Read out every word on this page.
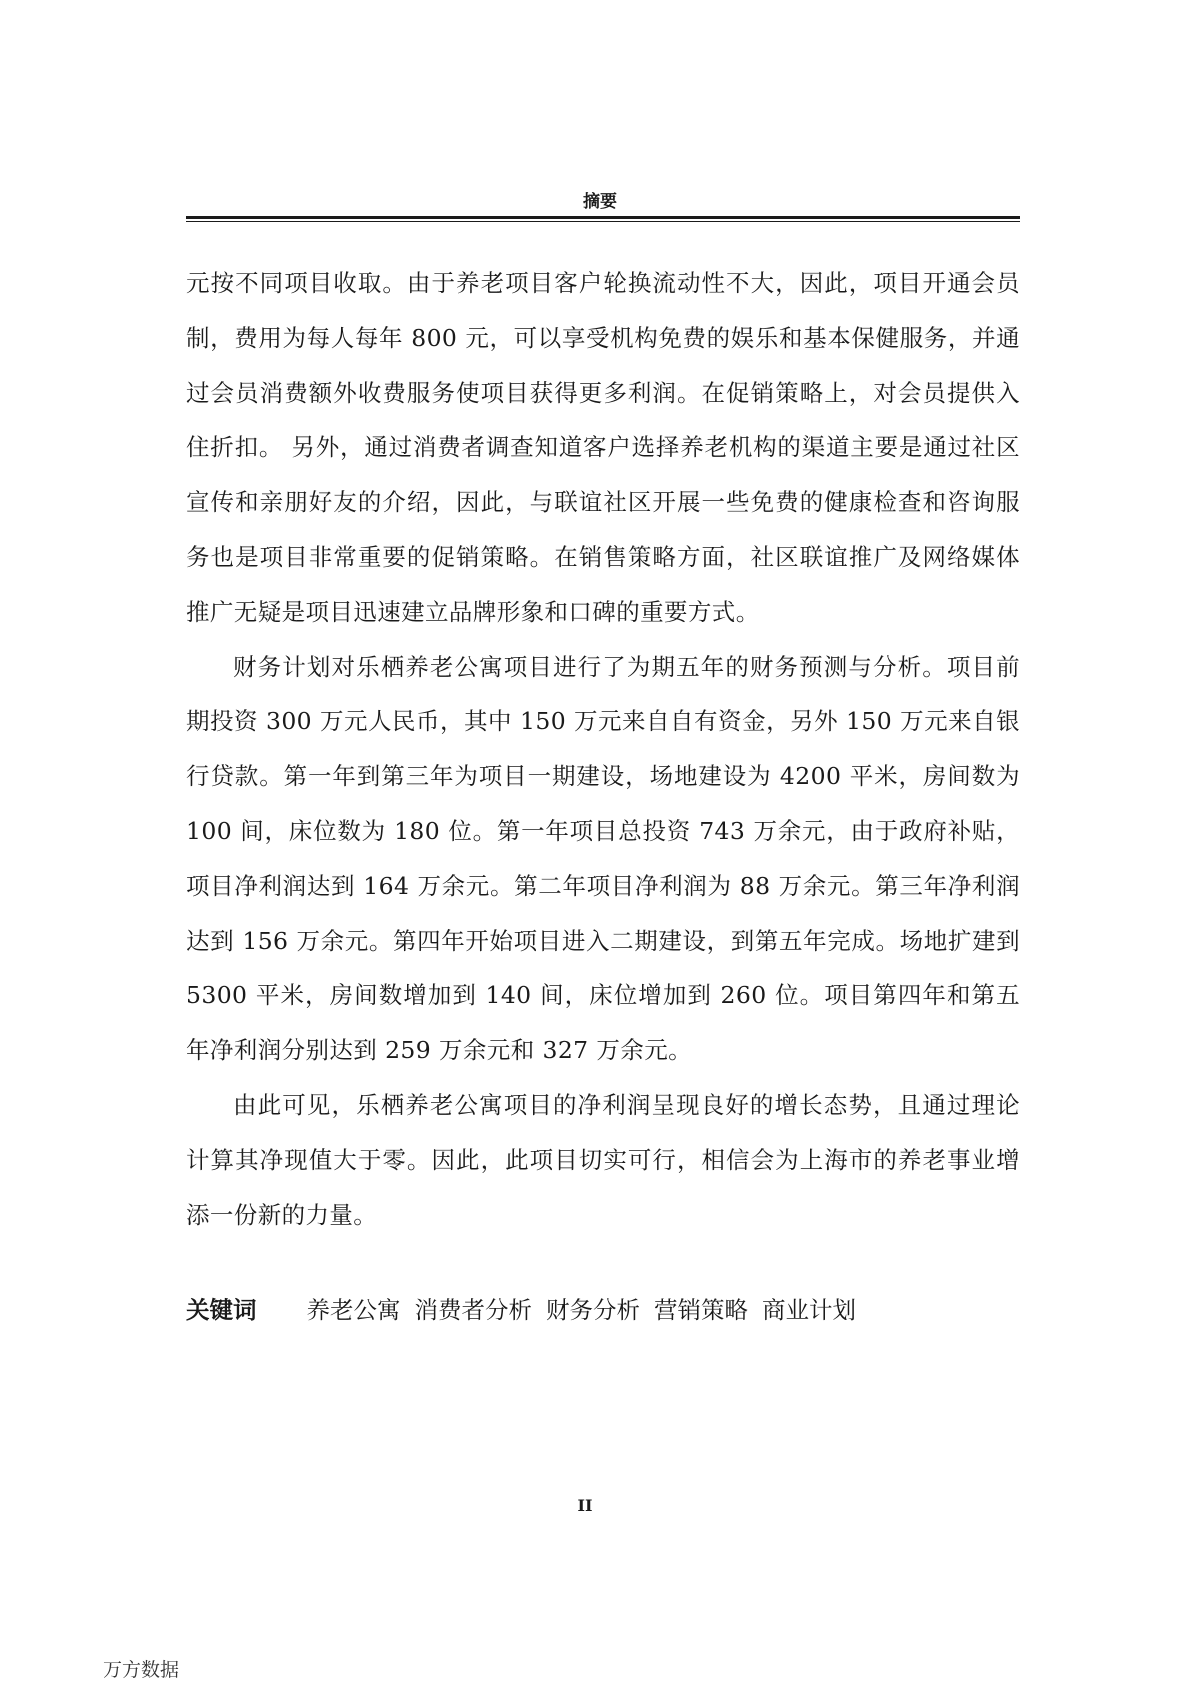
摘要

元按不同项目收取。由于养老项目客户轮换流动性不大，因此，项目开通会员制，费用为每人每年 800 元，可以享受机构免费的娱乐和基本保健服务，并通过会员消费额外收费服务使项目获得更多利润。在促销策略上，对会员提供入住折扣。 另外，通过消费者调查知道客户选择养老机构的渠道主要是通过社区宣传和亲朋好友的介绍，因此，与联谊社区开展一些免费的健康检查和咨询服务也是项目非常重要的促销策略。在销售策略方面，社区联谊推广及网络媒体推广无疑是项目迅速建立品牌形象和口碑的重要方式。

财务计划对乐栖养老公寓项目进行了为期五年的财务预测与分析。项目前期投资 300 万元人民币，其中 150 万元来自自有资金，另外 150 万元来自银行贷款。第一年到第三年为项目一期建设，场地建设为 4200 平米，房间数为 100 间，床位数为 180 位。第一年项目总投资 743 万余元，由于政府补贴，项目净利润达到 164 万余元。第二年项目净利润为 88 万余元。第三年净利润达到 156 万余元。第四年开始项目进入二期建设，到第五年完成。场地扩建到 5300 平米，房间数增加到 140 间，床位增加到 260 位。项目第四年和第五年净利润分别达到 259 万余元和 327 万余元。

由此可见，乐栖养老公寓项目的净利润呈现良好的增长态势，且通过理论计算其净现值大于零。因此，此项目切实可行，相信会为上海市的养老事业增添一份新的力量。

关键词 养老公寓 消费者分析 财务分析 营销策略 商业计划
II
万方数据
